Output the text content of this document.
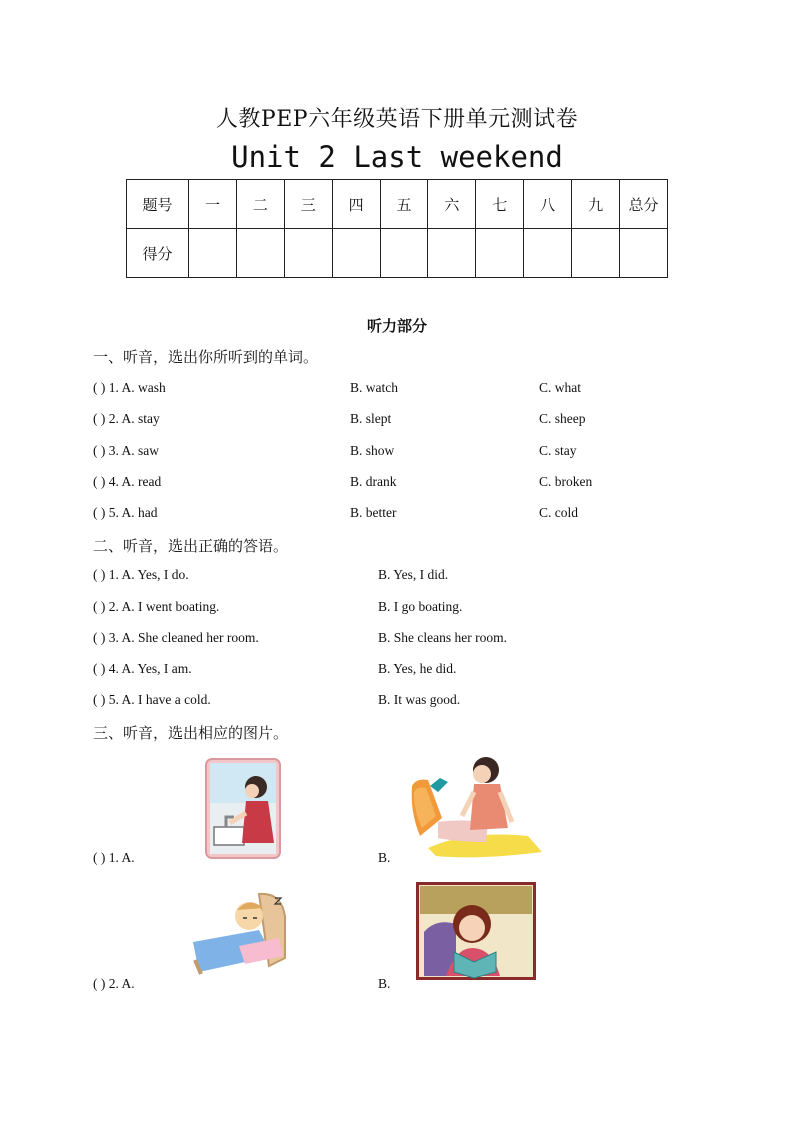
人教PEP六年级英语下册单元测试卷
Unit 2 Last weekend
题号	一	二	三	四	五	六	七	八	九	总分
得分										
听力部分
一、听音，选出你所听到的单词。
( ) 1. A. wash	B. watch	C. what
( ) 2. A. stay	B. slept	C. sheep
( ) 3. A. saw	B. show	C. stay
( ) 4. A. read	B. drank	C. broken
( ) 5. A. had	B. better	C. cold
二、听音，选出正确的答语。
( ) 1. A. Yes, I do.	B. Yes, I did.
( ) 2. A. I went boating.	B. I go boating.
( ) 3. A. She cleaned her room.	B. She cleans her room.
( ) 4. A. Yes, I am.	B. Yes, he did.
( ) 5. A. I have a cold.	B. It was good.
三、听音，选出相应的图片。
( ) 1. A.	B.
( ) 2. A.	B.
